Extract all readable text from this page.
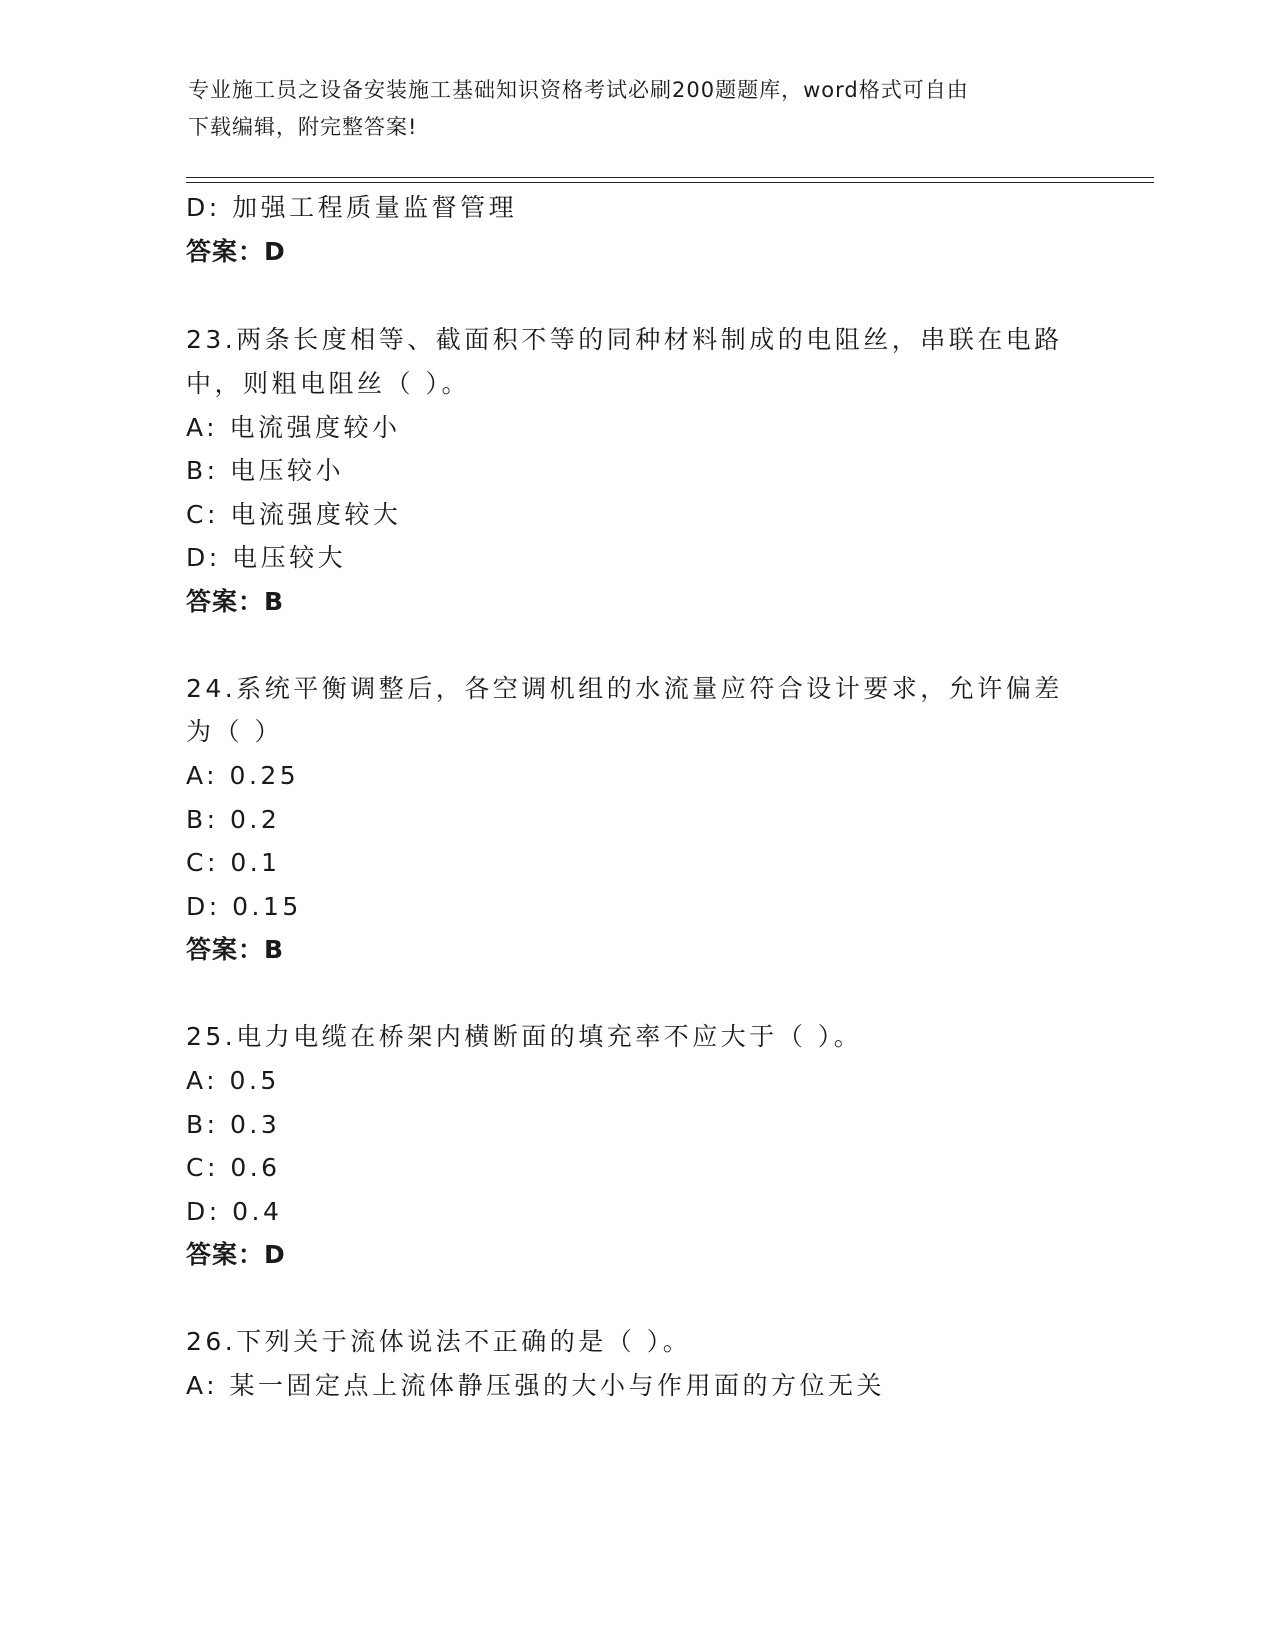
专业施工员之设备安装施工基础知识资格考试必刷200题题库，word格式可自由
下载编辑，附完整答案!
D: 加强工程质量监督管理
答案：D
23.两条长度相等、截面积不等的同种材料制成的电阻丝，串联在电路
中，则粗电阻丝（ ）。
A: 电流强度较小
B: 电压较小
C: 电流强度较大
D: 电压较大
答案：B
24.系统平衡调整后，各空调机组的水流量应符合设计要求，允许偏差
为（ ）
A: 0.25
B: 0.2
C: 0.1
D: 0.15
答案：B
25.电力电缆在桥架内横断面的填充率不应大于（ ）。
A: 0.5
B: 0.3
C: 0.6
D: 0.4
答案：D
26.下列关于流体说法不正确的是（ ）。
A: 某一固定点上流体静压强的大小与作用面的方位无关
